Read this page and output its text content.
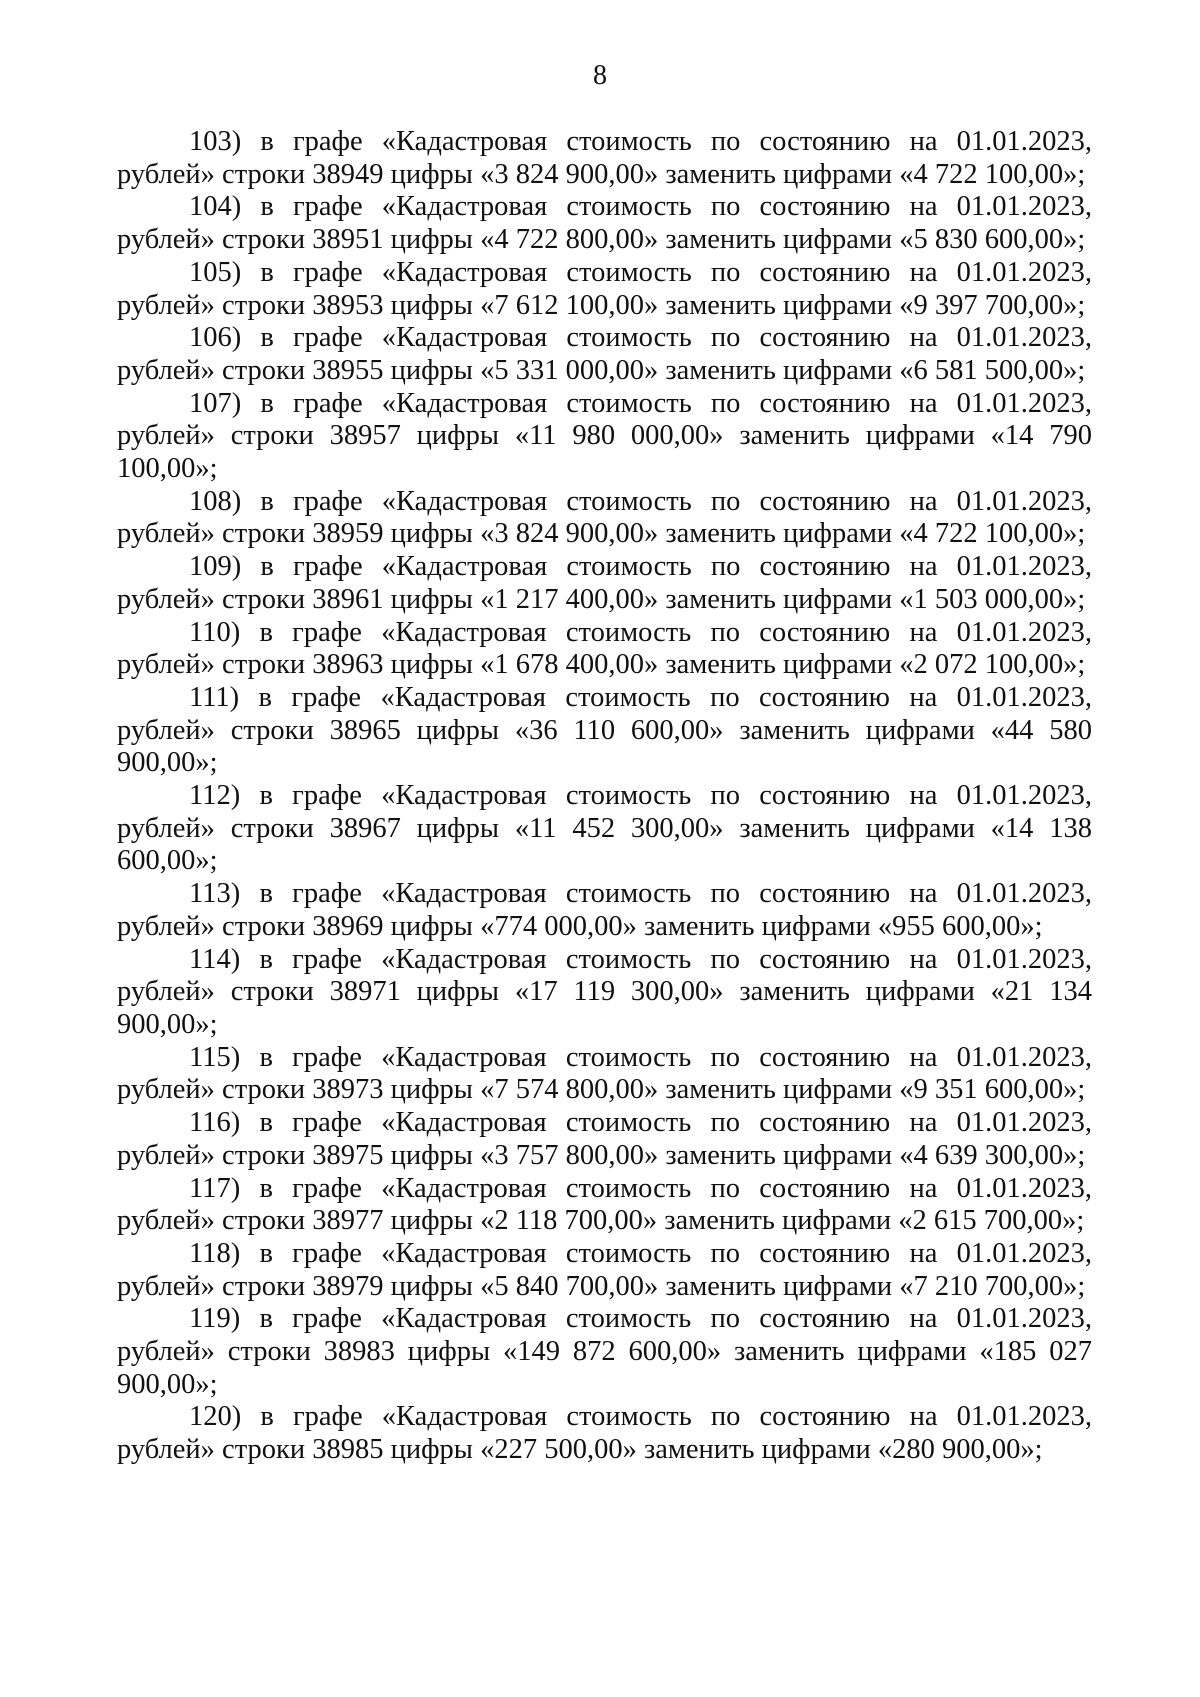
8

103) в графе «Кадастровая стоимость по состоянию на 01.01.2023, рублей» строки 38949 цифры «3 824 900,00» заменить цифрами «4 722 100,00»;

104) в графе «Кадастровая стоимость по состоянию на 01.01.2023, рублей» строки 38951 цифры «4 722 800,00» заменить цифрами «5 830 600,00»;

105) в графе «Кадастровая стоимость по состоянию на 01.01.2023, рублей» строки 38953 цифры «7 612 100,00» заменить цифрами «9 397 700,00»;

106) в графе «Кадастровая стоимость по состоянию на 01.01.2023, рублей» строки 38955 цифры «5 331 000,00» заменить цифрами «6 581 500,00»;

107) в графе «Кадастровая стоимость по состоянию на 01.01.2023, рублей» строки 38957 цифры «11 980 000,00» заменить цифрами «14 790 100,00»;

108) в графе «Кадастровая стоимость по состоянию на 01.01.2023, рублей» строки 38959 цифры «3 824 900,00» заменить цифрами «4 722 100,00»;

109) в графе «Кадастровая стоимость по состоянию на 01.01.2023, рублей» строки 38961 цифры «1 217 400,00» заменить цифрами «1 503 000,00»;

110) в графе «Кадастровая стоимость по состоянию на 01.01.2023, рублей» строки 38963 цифры «1 678 400,00» заменить цифрами «2 072 100,00»;

111) в графе «Кадастровая стоимость по состоянию на 01.01.2023, рублей» строки 38965 цифры «36 110 600,00» заменить цифрами «44 580 900,00»;

112) в графе «Кадастровая стоимость по состоянию на 01.01.2023, рублей» строки 38967 цифры «11 452 300,00» заменить цифрами «14 138 600,00»;

113) в графе «Кадастровая стоимость по состоянию на 01.01.2023, рублей» строки 38969 цифры «774 000,00» заменить цифрами «955 600,00»;

114) в графе «Кадастровая стоимость по состоянию на 01.01.2023, рублей» строки 38971 цифры «17 119 300,00» заменить цифрами «21 134 900,00»;

115) в графе «Кадастровая стоимость по состоянию на 01.01.2023, рублей» строки 38973 цифры «7 574 800,00» заменить цифрами «9 351 600,00»;

116) в графе «Кадастровая стоимость по состоянию на 01.01.2023, рублей» строки 38975 цифры «3 757 800,00» заменить цифрами «4 639 300,00»;

117) в графе «Кадастровая стоимость по состоянию на 01.01.2023, рублей» строки 38977 цифры «2 118 700,00» заменить цифрами «2 615 700,00»;

118) в графе «Кадастровая стоимость по состоянию на 01.01.2023, рублей» строки 38979 цифры «5 840 700,00» заменить цифрами «7 210 700,00»;

119) в графе «Кадастровая стоимость по состоянию на 01.01.2023, рублей» строки 38983 цифры «149 872 600,00» заменить цифрами «185 027 900,00»;

120) в графе «Кадастровая стоимость по состоянию на 01.01.2023, рублей» строки 38985 цифры «227 500,00» заменить цифрами «280 900,00»;
